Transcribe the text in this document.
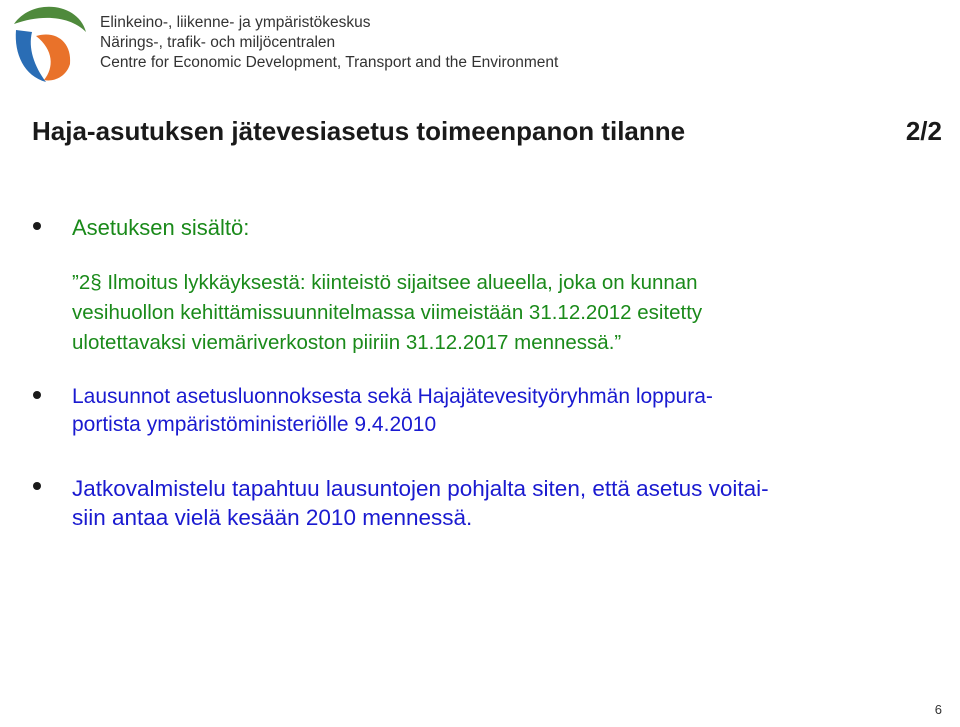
Elinkeino-, liikenne- ja ympäristökeskus
Närings-, trafik- och miljöcentralen
Centre for Economic Development, Transport and the Environment
Haja-asutuksen jätevesiasetus toimeenpanon tilanne	2/2
Asetuksen sisältö:
”2§ Ilmoitus lykkäyksestä: kiinteistö sijaitsee alueella, joka on kunnan
vesihuollon kehittämissuunnitelmassa viimeistään 31.12.2012 esitetty
ulotettavaksi viemäriverkoston piiriin 31.12.2017 mennessä.”
Lausunnot asetusluonnoksesta sekä Hajajätevesityöryhmän loppura-
portista ympäristöministeriölle 9.4.2010
Jatkovalmistelu tapahtuu lausuntojen pohjalta siten, että asetus voitai-
siin antaa vielä kesään 2010 mennessä.
6
